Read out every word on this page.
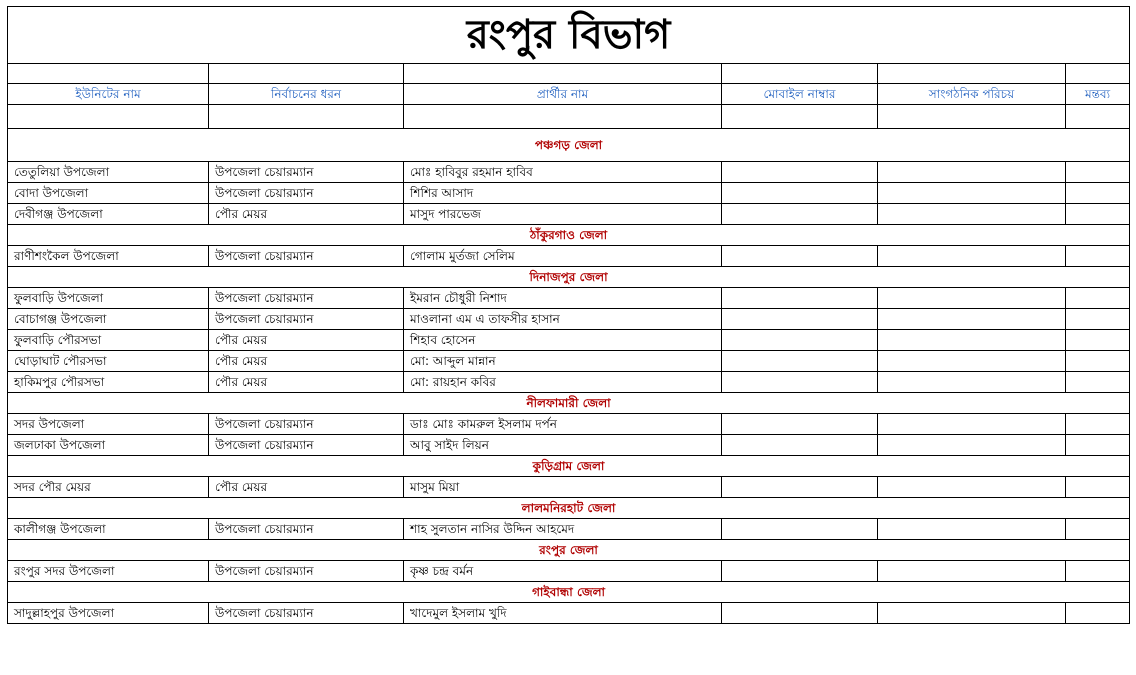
রংপুর বিভাগ					

ইউনিটের নাম	নির্বাচনের ধরন	প্রার্থীর নাম	মোবাইল নাম্বার	সাংগঠনিক পরিচয়	মন্তব্য

পঞ্চগড় জেলা					
তেতুলিয়া উপজেলা	উপজেলা চেয়ারম্যান	মোঃ হাবিবুর রহমান হাবিব			
বোদা উপজেলা	উপজেলা চেয়ারম্যান	শিশির আসাদ			
দেবীগঞ্জ উপজেলা	পৌর মেয়র	মাসুদ পারভেজ			
ঠাঁকুরগাও জেলা					
রাণীশংকৈল উপজেলা	উপজেলা চেয়ারম্যান	গোলাম মুর্তজা সেলিম			
দিনাজপুর জেলা					
ফুলবাড়ি উপজেলা	উপজেলা চেয়ারম্যান	ইমরান চৌধুরী নিশাদ			
বোচাগঞ্জ উপজেলা	উপজেলা চেয়ারম্যান	মাওলানা এম এ তাফসীর হাসান			
ফুলবাড়ি পৌরসভা	পৌর মেয়র	শিহাব হোসেন			
ঘোড়াঘাট পৌরসভা	পৌর মেয়র	মো: আব্দুল মান্নান			
হাকিমপুর পৌরসভা	পৌর মেয়র	মো: রায়হান কবির			
নীলফামারী জেলা					
সদর উপজেলা	উপজেলা চেয়ারম্যান	ডাঃ মোঃ কামরুল ইসলাম দর্পন			
জলঢাকা উপজেলা	উপজেলা চেয়ারম্যান	আবু সাইদ লিয়ন			
কুড়িগ্রাম জেলা					
সদর পৌর মেয়র	পৌর মেয়র	মাসুম মিয়া			
লালমনিরহাট জেলা					
কালীগঞ্জ উপজেলা	উপজেলা চেয়ারম্যান	শাহ সুলতান নাসির উদ্দিন আহমেদ			
রংপুর জেলা					
রংপুর সদর উপজেলা	উপজেলা চেয়ারম্যান	কৃষ্ণ চন্দ্র বর্মন			
গাইবান্ধা জেলা					
সাদুল্লাহপুর উপজেলা	উপজেলা চেয়ারম্যান	খাদেমুল ইসলাম খুদি			
